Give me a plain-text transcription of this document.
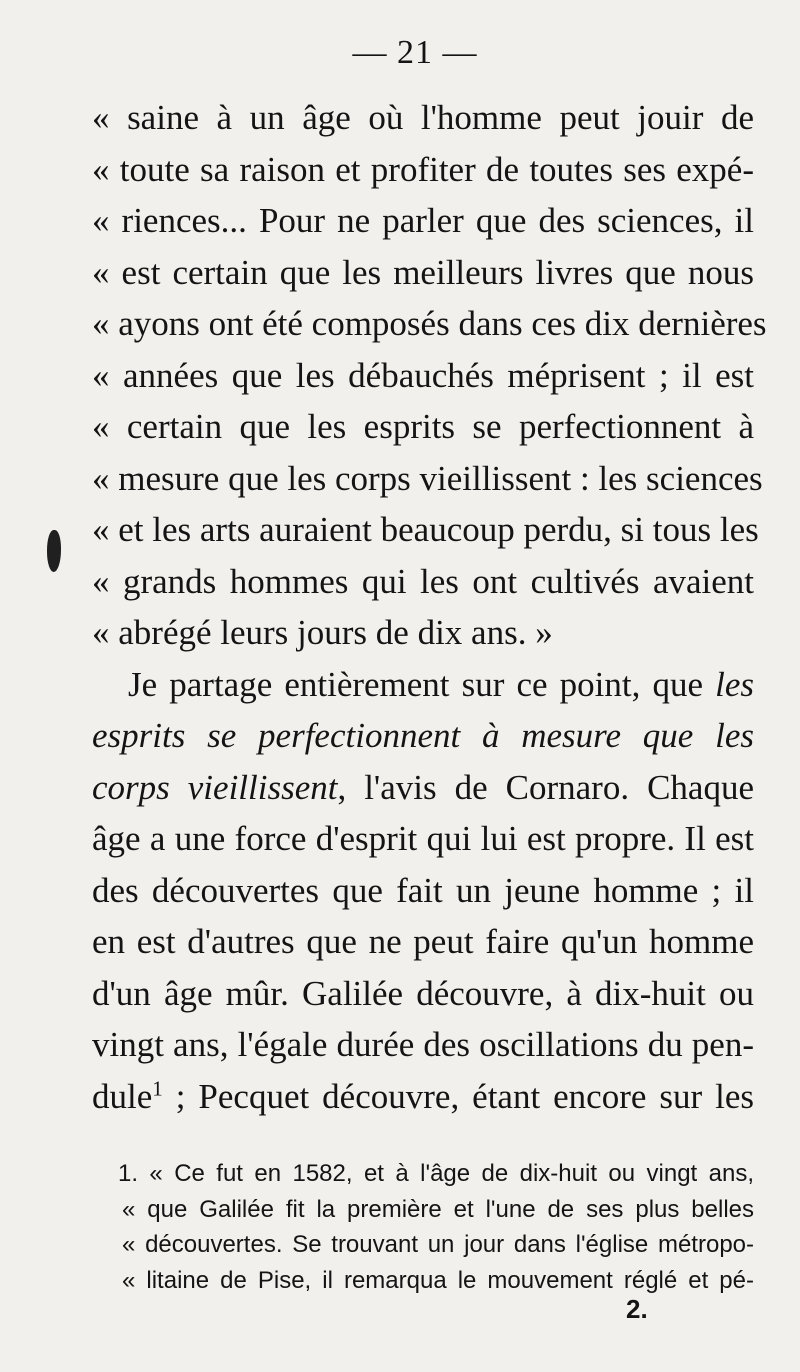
— 21 —
« saine à un âge où l'homme peut jouir de
« toute sa raison et profiter de toutes ses expé-
« riences... Pour ne parler que des sciences, il
« est certain que les meilleurs livres que nous
« ayons ont été composés dans ces dix dernières
« années que les débauchés méprisent ; il est
« certain que les esprits se perfectionnent à
« mesure que les corps vieillissent : les sciences
« et les arts auraient beaucoup perdu, si tous les
« grands hommes qui les ont cultivés avaient
« abrégé leurs jours de dix ans. »
Je partage entièrement sur ce point, que les
esprits se perfectionnent à mesure que les
corps vieillissent, l'avis de Cornaro. Chaque
âge a une force d'esprit qui lui est propre. Il est
des découvertes que fait un jeune homme ; il
en est d'autres que ne peut faire qu'un homme
d'un âge mûr. Galilée découvre, à dix-huit ou
vingt ans, l'égale durée des oscillations du pen-
dule$^1$ ; Pecquet découvre, étant encore sur les
1. « Ce fut en 1582, et à l'âge de dix-huit ou vingt ans,
« que Galilée fit la première et l'une de ses plus belles
« découvertes. Se trouvant un jour dans l'église métropo-
« litaine de Pise, il remarqua le mouvement réglé et pé-
2.
